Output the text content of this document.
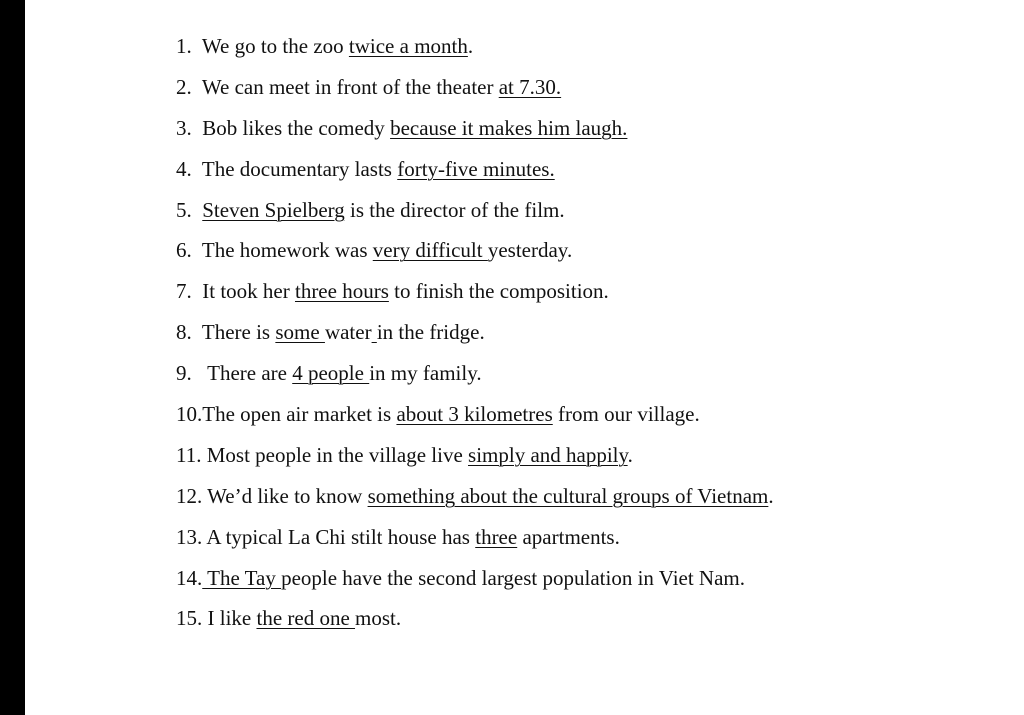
1.  We go to the zoo twice a month.
2.  We can meet in front of the theater at 7.30.
3.  Bob likes the comedy because it makes him laugh.
4.  The documentary lasts forty-five minutes.
5.  Steven Spielberg is the director of the film.
6.  The homework was very difficult yesterday.
7.  It took her three hours to finish the composition.
8.  There is some water in the fridge.
9.   There are 4 people in my family.
10.The open air market is about 3 kilometres from our village.
11. Most people in the village live simply and happily.
12. We’d like to know something about the cultural groups of Vietnam.
13. A typical La Chi stilt house has three apartments.
14. The Tay people have the second largest population in Viet Nam.
15. I like the red one most.
